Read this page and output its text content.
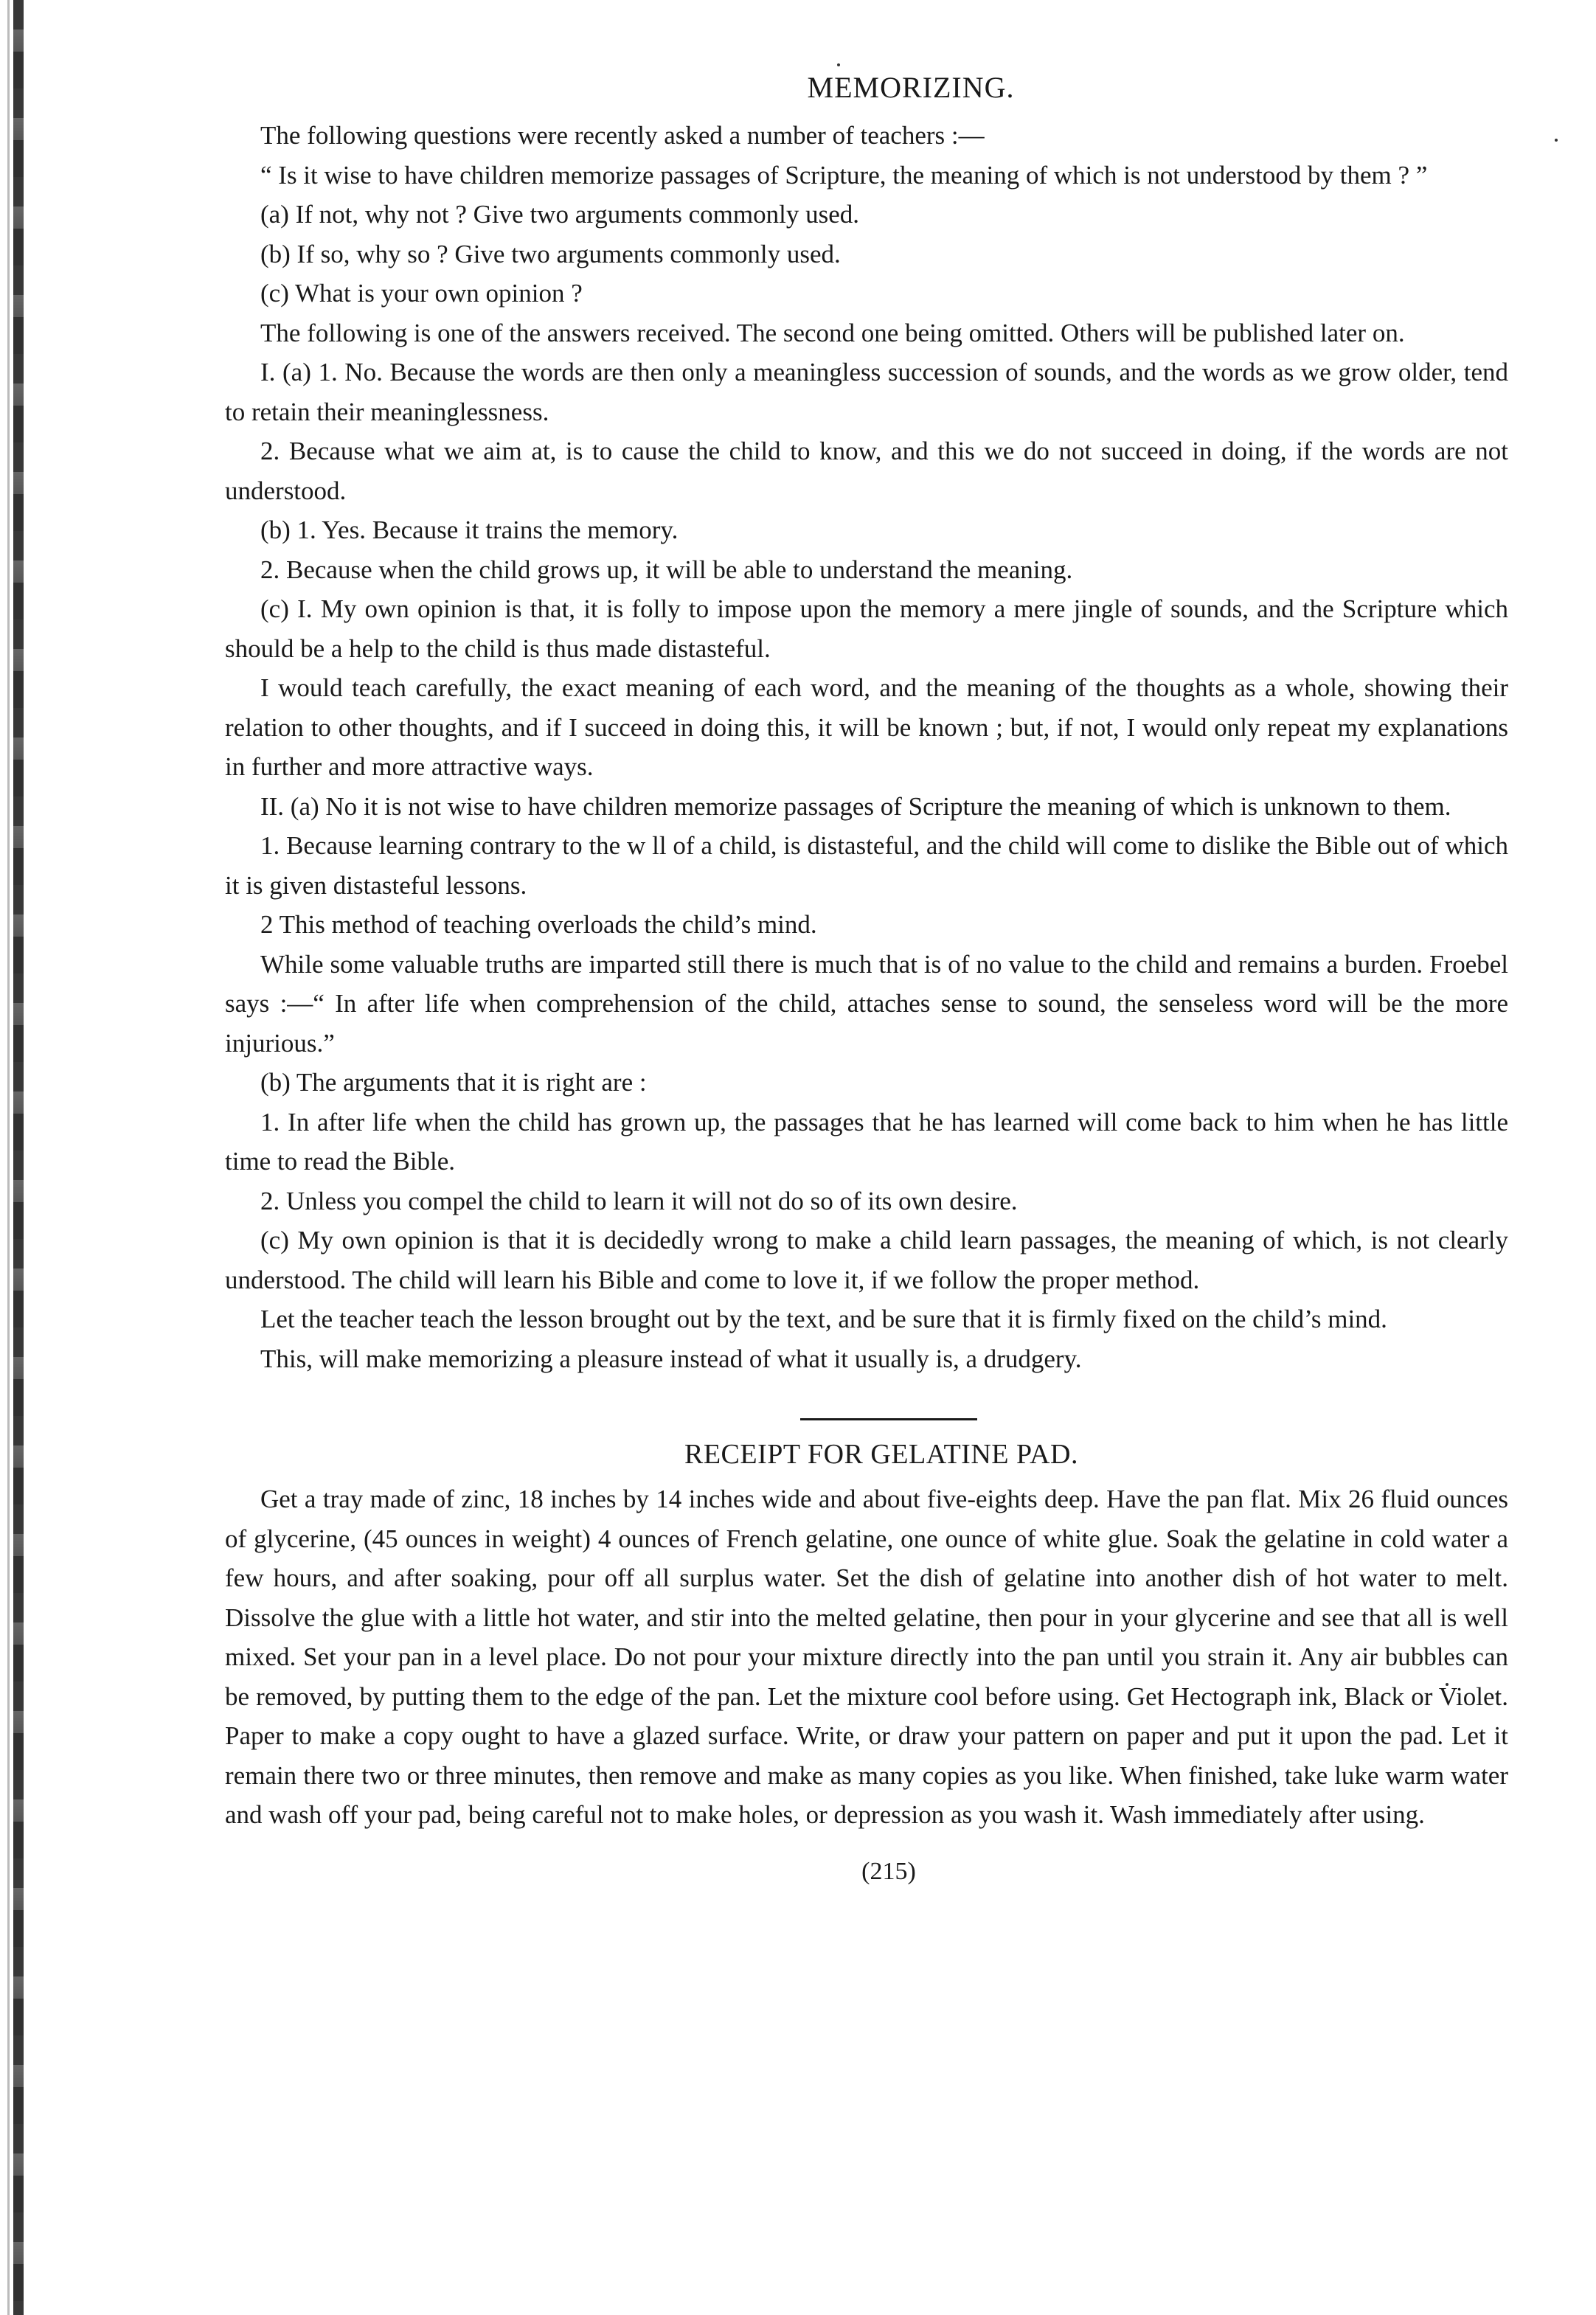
MEMORIZING.

The following questions were recently asked a number of teachers :—

“ Is it wise to have children memorize passages of Scripture, the meaning of which is not understood by them ? ”

(a) If not, why not ? Give two arguments commonly used.

(b) If so, why so ? Give two arguments commonly used.

(c) What is your own opinion ?

The following is one of the answers received. The second one being omitted. Others will be published later on.

I. (a) 1. No. Because the words are then only a meaningless succession of sounds, and the words as we grow older, tend to retain their meaninglessness.

2. Because what we aim at, is to cause the child to know, and this we do not succeed in doing, if the words are not understood.

(b) 1. Yes. Because it trains the memory.

2. Because when the child grows up, it will be able to understand the meaning.

(c) I. My own opinion is that, it is folly to impose upon the memory a mere jingle of sounds, and the Scripture which should be a help to the child is thus made distasteful.

I would teach carefully, the exact meaning of each word, and the meaning of the thoughts as a whole, showing their relation to other thoughts, and if I succeed in doing this, it will be known ; but, if not, I would only repeat my explanations in further and more attractive ways.

II. (a) No it is not wise to have children memorize passages of Scripture the meaning of which is unknown to them.

1. Because learning contrary to the w ll of a child, is distasteful, and the child will come to dislike the Bible out of which it is given distasteful lessons.

2 This method of teaching overloads the child’s mind.

While some valuable truths are imparted still there is much that is of no value to the child and remains a burden. Froebel says :—“ In after life when comprehension of the child, attaches sense to sound, the senseless word will be the more injurious.”

(b) The arguments that it is right are :

1. In after life when the child has grown up, the passages that he has learned will come back to him when he has little time to read the Bible.

2. Unless you compel the child to learn it will not do so of its own desire.

(c) My own opinion is that it is decidedly wrong to make a child learn passages, the meaning of which, is not clearly understood. The child will learn his Bible and come to love it, if we follow the proper method.

Let the teacher teach the lesson brought out by the text, and be sure that it is firmly fixed on the child’s mind.

This, will make memorizing a pleasure instead of what it usually is, a drudgery.

RECEIPT FOR GELATINE PAD.

Get a tray made of zinc, 18 inches by 14 inches wide and about five-eights deep. Have the pan flat. Mix 26 fluid ounces of glycerine, (45 ounces in weight) 4 ounces of French gelatine, one ounce of white glue. Soak the gelatine in cold water a few hours, and after soaking, pour off all surplus water. Set the dish of gelatine into another dish of hot water to melt. Dissolve the glue with a little hot water, and stir into the melted gelatine, then pour in your glycerine and see that all is well mixed. Set your pan in a level place. Do not pour your mixture directly into the pan until you strain it. Any air bubbles can be removed, by putting them to the edge of the pan. Let the mixture cool before using. Get Hectograph ink, Black or Violet. Paper to make a copy ought to have a glazed surface. Write, or draw your pattern on paper and put it upon the pad. Let it remain there two or three minutes, then remove and make as many copies as you like. When finished, take luke warm water and wash off your pad, being careful not to make holes, or depression as you wash it. Wash immediately after using.

(215)
